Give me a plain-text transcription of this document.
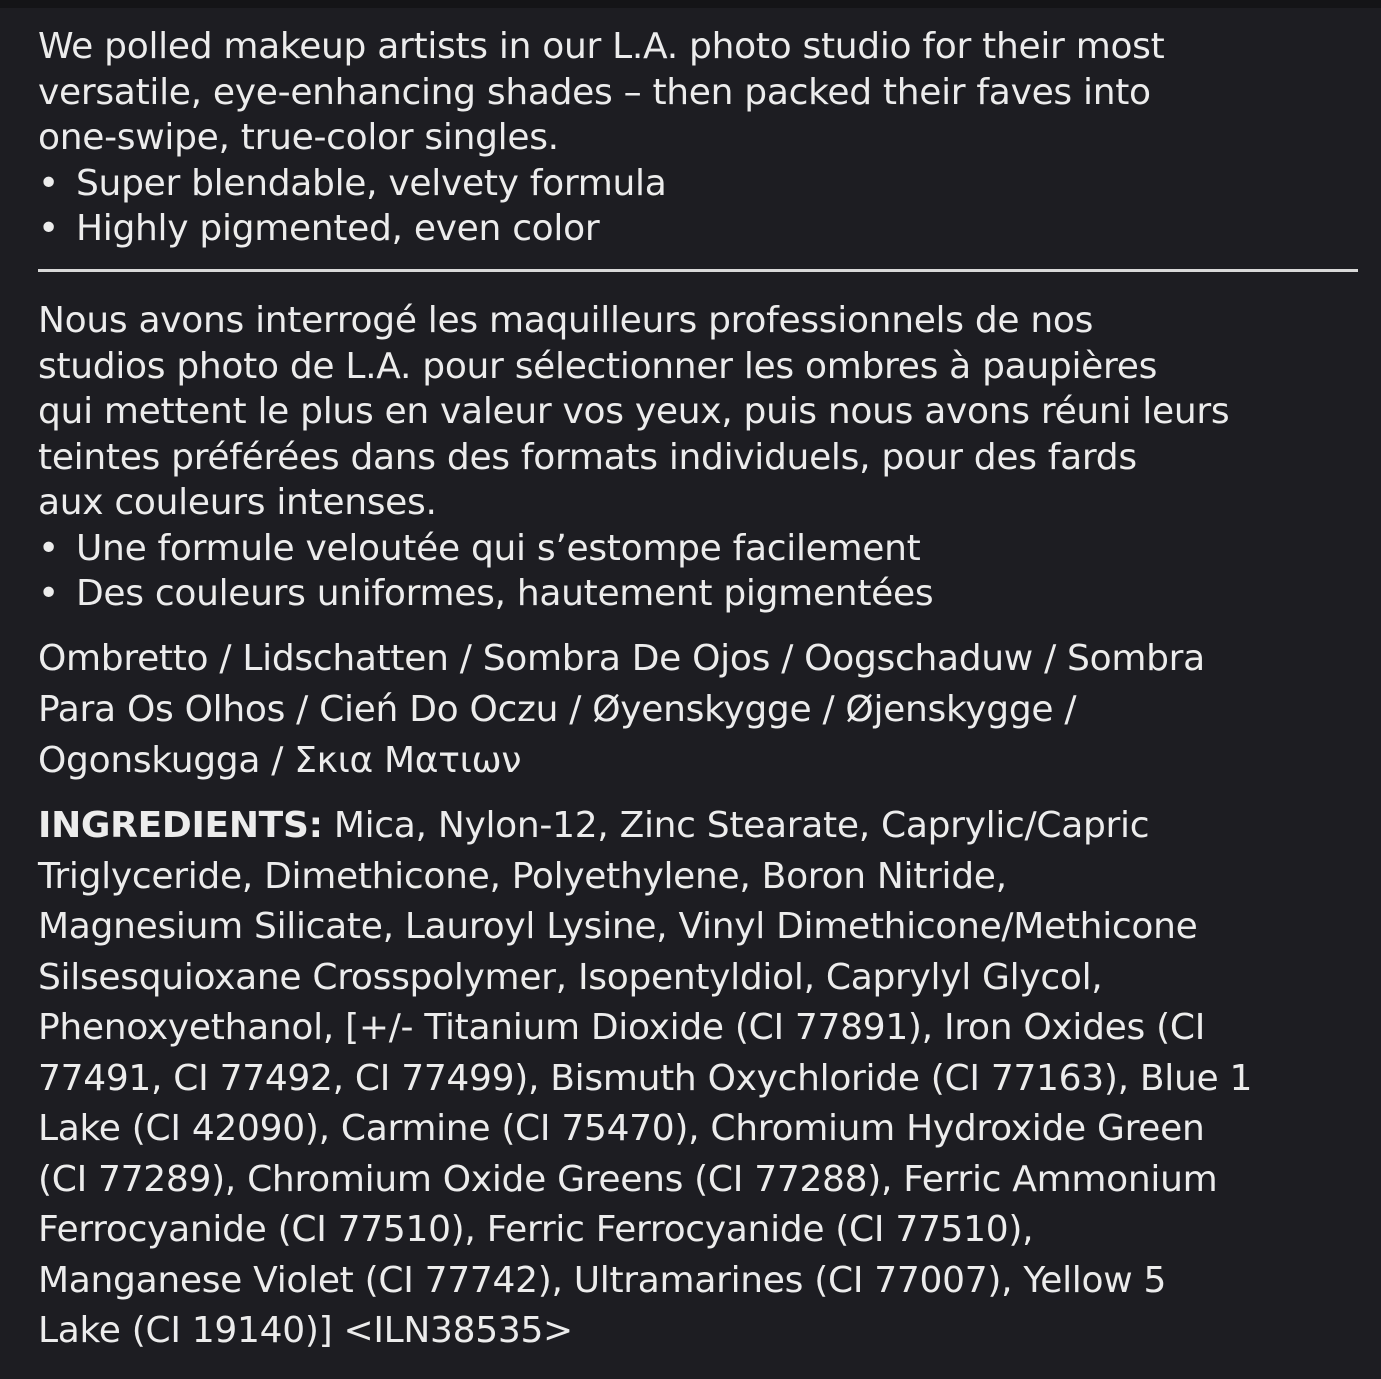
We polled makeup artists in our L.A. photo studio for their most
versatile, eye-enhancing shades – then packed their faves into
one-swipe, true-color singles.
• Super blendable, velvety formula
• Highly pigmented, even color
Nous avons interrogé les maquilleurs professionnels de nos
studios photo de L.A. pour sélectionner les ombres à paupières
qui mettent le plus en valeur vos yeux, puis nous avons réuni leurs
teintes préférées dans des formats individuels, pour des fards
aux couleurs intenses.
• Une formule veloutée qui s’estompe facilement
• Des couleurs uniformes, hautement pigmentées
Ombretto / Lidschatten / Sombra De Ojos / Oogschaduw / Sombra
Para Os Olhos / Cień Do Oczu / Øyenskygge / Øjenskygge /
Ogonskugga / Σκια Ματιων
INGREDIENTS: Mica, Nylon-12, Zinc Stearate, Caprylic/Capric
Triglyceride, Dimethicone, Polyethylene, Boron Nitride,
Magnesium Silicate, Lauroyl Lysine, Vinyl Dimethicone/Methicone
Silsesquioxane Crosspolymer, Isopentyldiol, Caprylyl Glycol,
Phenoxyethanol, [+/- Titanium Dioxide (CI 77891), Iron Oxides (CI
77491, CI 77492, CI 77499), Bismuth Oxychloride (CI 77163), Blue 1
Lake (CI 42090), Carmine (CI 75470), Chromium Hydroxide Green
(CI 77289), Chromium Oxide Greens (CI 77288), Ferric Ammonium
Ferrocyanide (CI 77510), Ferric Ferrocyanide (CI 77510),
Manganese Violet (CI 77742), Ultramarines (CI 77007), Yellow 5
Lake (CI 19140)] <ILN38535>
